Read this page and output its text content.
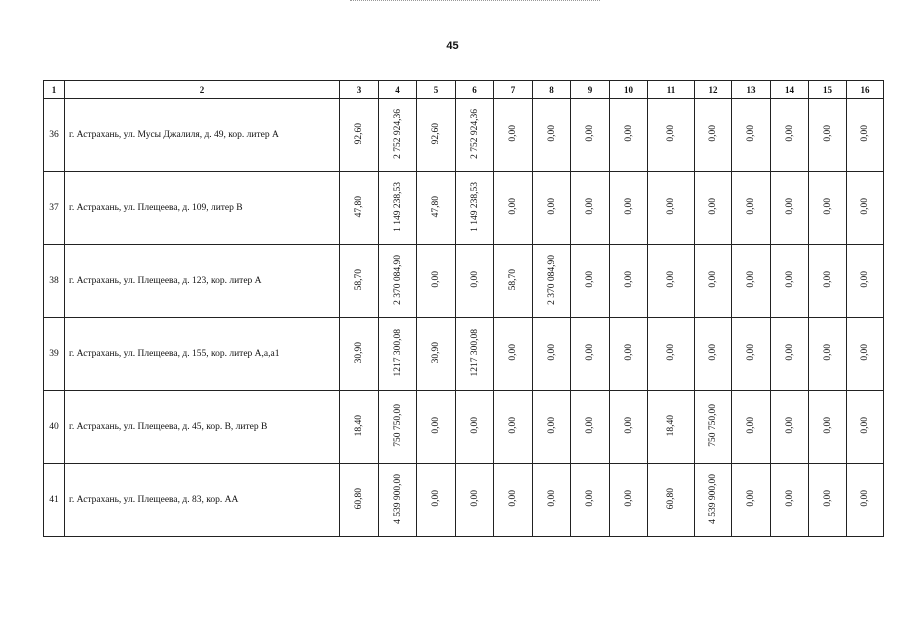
45
1	2	3	4	5	6	7	8	9	10	11	12	13	14	15	16
36	г. Астрахань, ул. Мусы Джалиля, д. 49, кор. литер А	92,60	2 752 924,36	92,60	2 752 924,36	0,00	0,00	0,00	0,00	0,00	0,00	0,00	0,00	0,00	0,00
37	г. Астрахань, ул. Плещеева, д. 109, литер В	47,80	1 149 238,53	47,80	1 149 238,53	0,00	0,00	0,00	0,00	0,00	0,00	0,00	0,00	0,00	0,00
38	г. Астрахань, ул. Плещеева, д. 123, кор. литер А	58,70	2 370 084,90	0,00	0,00	58,70	2 370 084,90	0,00	0,00	0,00	0,00	0,00	0,00	0,00	0,00
39	г. Астрахань, ул. Плещеева, д. 155, кор. литер А,а,а1	30,90	1217 300,08	30,90	1217 300,08	0,00	0,00	0,00	0,00	0,00	0,00	0,00	0,00	0,00	0,00
40	г. Астрахань, ул. Плещеева, д. 45, кор. В, литер В	18,40	750 750,00	0,00	0,00	0,00	0,00	0,00	0,00	18,40	750 750,00	0,00	0,00	0,00	0,00
41	г. Астрахань, ул. Плещеева, д. 83, кор. АА	60,80	4 539 900,00	0,00	0,00	0,00	0,00	0,00	0,00	60,80	4 539 900,00	0,00	0,00	0,00	0,00
